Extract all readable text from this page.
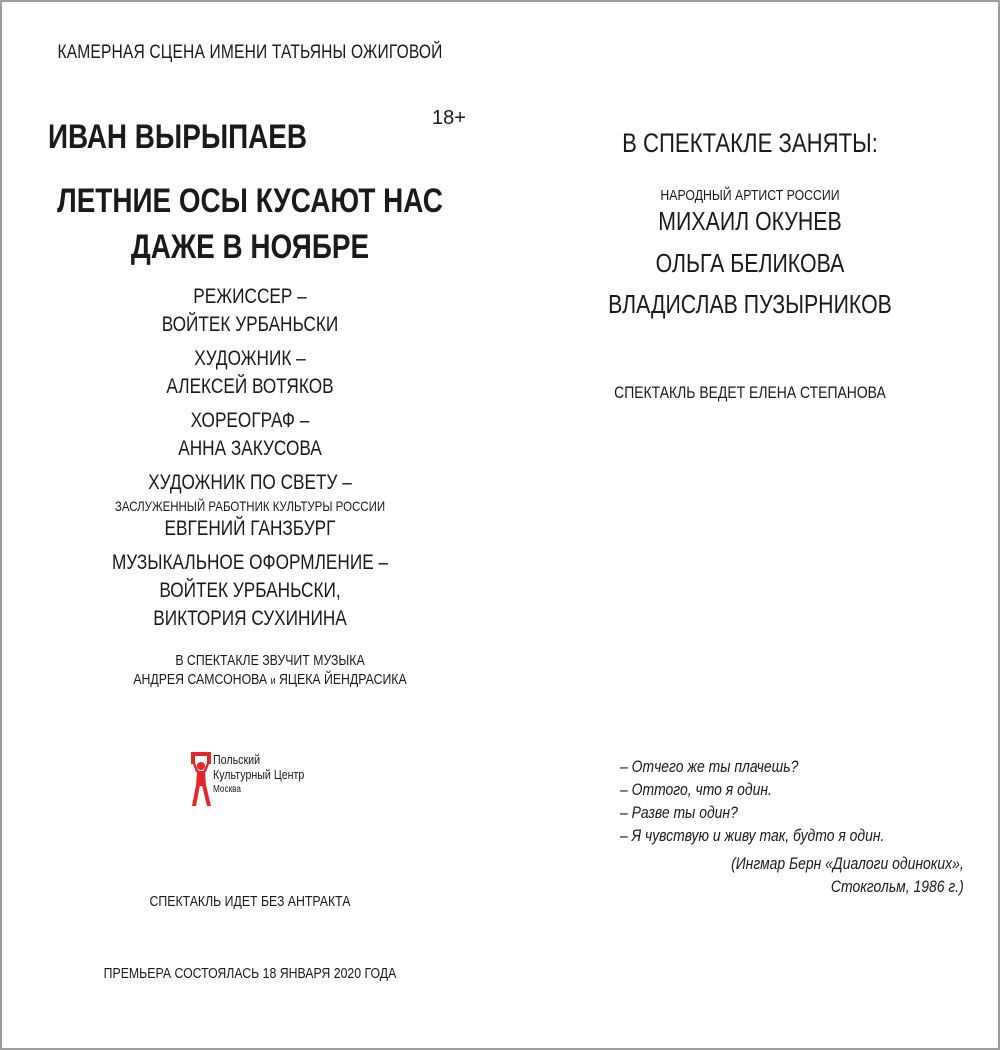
КАМЕРНАЯ СЦЕНА ИМЕНИ ТАТЬЯНЫ ОЖИГОВОЙ
18+
ИВАН ВЫРЫПАЕВ
ЛЕТНИЕ ОСЫ КУСАЮТ НАС
ДАЖЕ В НОЯБРЕ
РЕЖИССЕР –
ВОЙТЕК УРБАНЬСКИ
ХУДОЖНИК –
АЛЕКСЕЙ ВОТЯКОВ
ХОРЕОГРАФ –
АННА ЗАКУСОВА
ХУДОЖНИК ПО СВЕТУ –
ЗАСЛУЖЕННЫЙ РАБОТНИК КУЛЬТУРЫ РОССИИ
ЕВГЕНИЙ ГАНЗБУРГ
МУЗЫКАЛЬНОЕ ОФОРМЛЕНИЕ –
ВОЙТЕК УРБАНЬСКИ,
ВИКТОРИЯ СУХИНИНА
В СПЕКТАКЛЕ ЗВУЧИТ МУЗЫКА
АНДРЕЯ САМСОНОВА и ЯЦЕКА ЙЕНДРАСИКА
Польский
Культурный Центр
Москва
СПЕКТАКЛЬ ИДЕТ БЕЗ АНТРАКТА
ПРЕМЬЕРА СОСТОЯЛАСЬ 18 ЯНВАРЯ 2020 ГОДА
В СПЕКТАКЛЕ ЗАНЯТЫ:
НАРОДНЫЙ АРТИСТ РОССИИ
МИХАИЛ ОКУНЕВ
ОЛЬГА БЕЛИКОВА
ВЛАДИСЛАВ ПУЗЫРНИКОВ
СПЕКТАКЛЬ ВЕДЕТ ЕЛЕНА СТЕПАНОВА
– Отчего же ты плачешь?
– Оттого, что я один.
– Разве ты один?
– Я чувствую и живу так, будто я один.
(Ингмар Берн «Диалоги одиноких»,
Стокгольм, 1986 г.)
